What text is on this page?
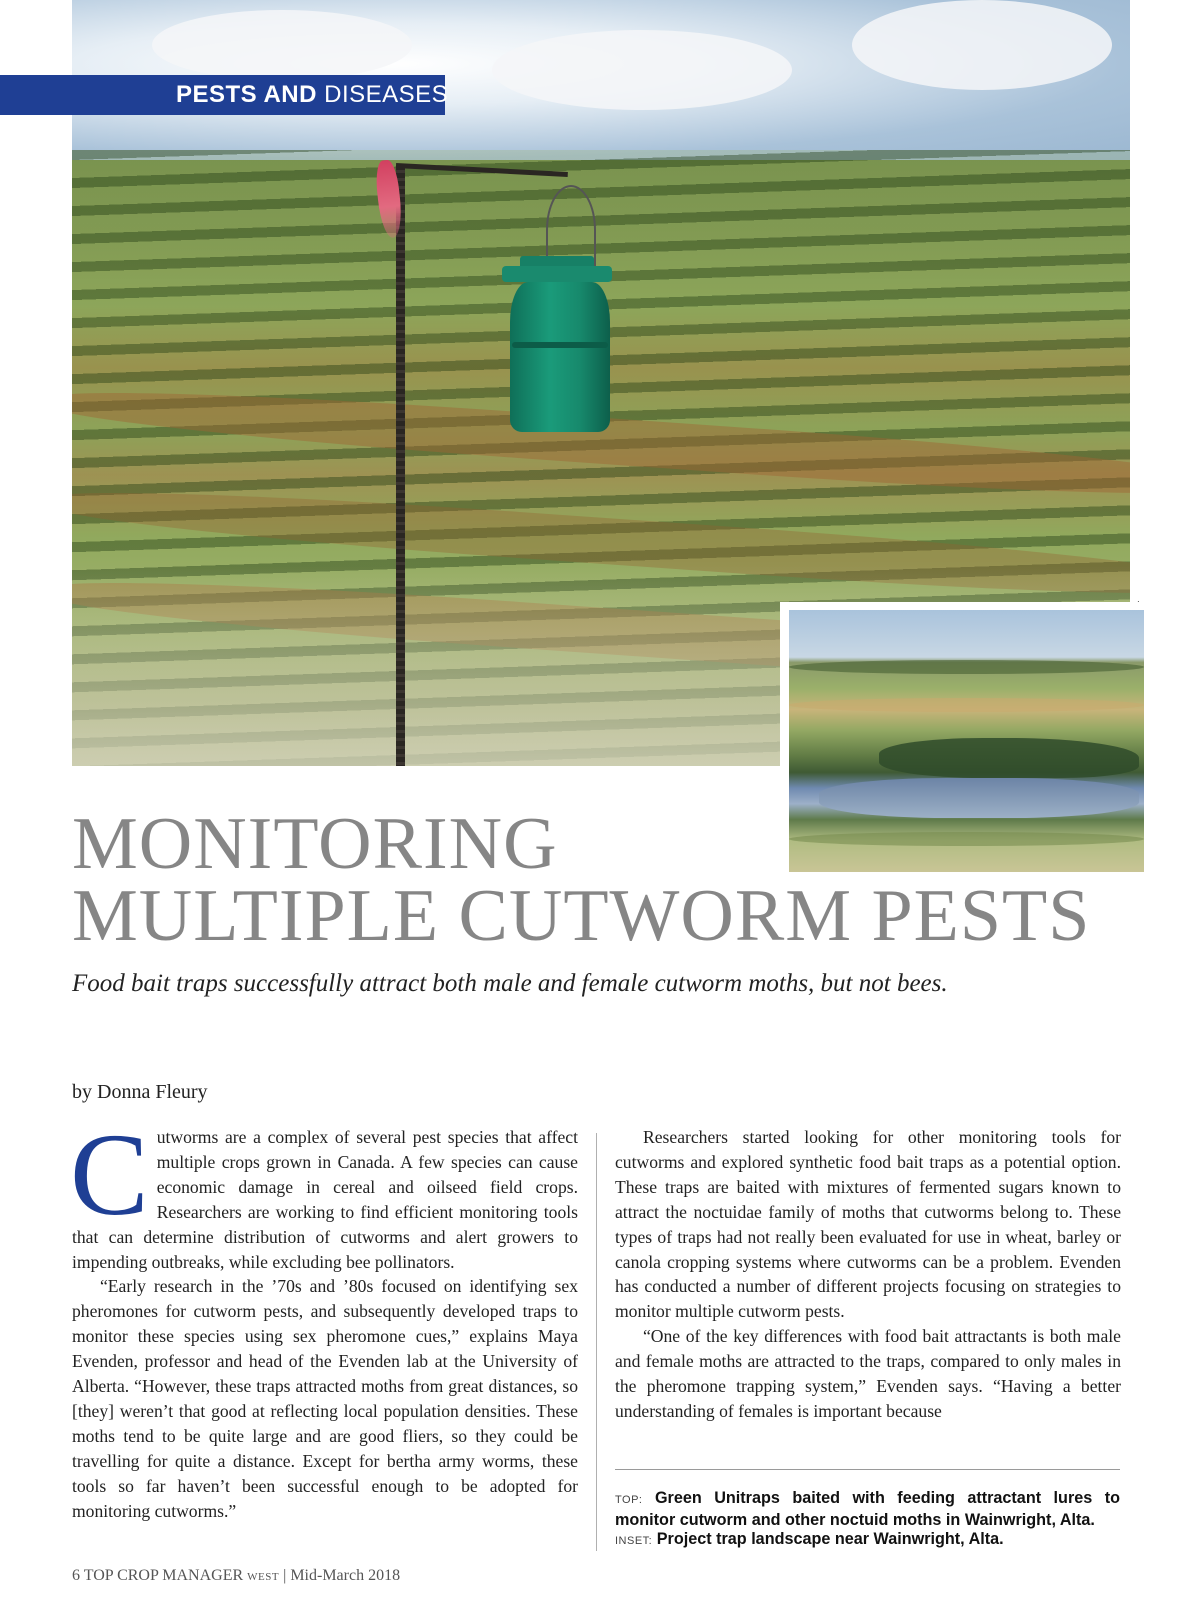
PESTS AND DISEASES
MONITORING
MULTIPLE CUTWORM PESTS
Food bait traps successfully attract both male and female cutworm moths, but not bees.
by Donna Fleury

Cutworms are a complex of several pest species that affect multiple crops grown in Canada. A few species can cause economic damage in cereal and oilseed field crops. Researchers are working to find efficient monitoring tools that can determine distribution of cutworms and alert growers to impending outbreaks, while excluding bee pollinators.

“Early research in the ’70s and ’80s focused on identifying sex pheromones for cutworm pests, and subsequently developed traps to monitor these species using sex pheromone cues,” explains Maya Evenden, professor and head of the Evenden lab at the University of Alberta. “However, these traps attracted moths from great distances, so [they] weren’t that good at reflecting local population densities. These moths tend to be quite large and are good fliers, so they could be travelling for quite a distance. Except for bertha army worms, these tools so far haven’t been successful enough to be adopted for monitoring cutworms.”

Researchers started looking for other monitoring tools for cutworms and explored synthetic food bait traps as a potential option. These traps are baited with mixtures of fermented sugars known to attract the noctuidae family of moths that cutworms belong to. These types of traps had not really been evaluated for use in wheat, barley or canola cropping systems where cutworms can be a problem. Evenden has conducted a number of different projects focusing on strategies to monitor multiple cutworm pests.

“One of the key differences with food bait attractants is both male and female moths are attracted to the traps, compared to only males in the pheromone trapping system,” Evenden says. “Having a better understanding of females is important because

TOP: Green Unitraps baited with feeding attractant lures to monitor cutworm and other noctuid moths in Wainwright, Alta.
INSET: Project trap landscape near Wainwright, Alta.
6 TOP CROP MANAGER WEST | Mid-March 2018
